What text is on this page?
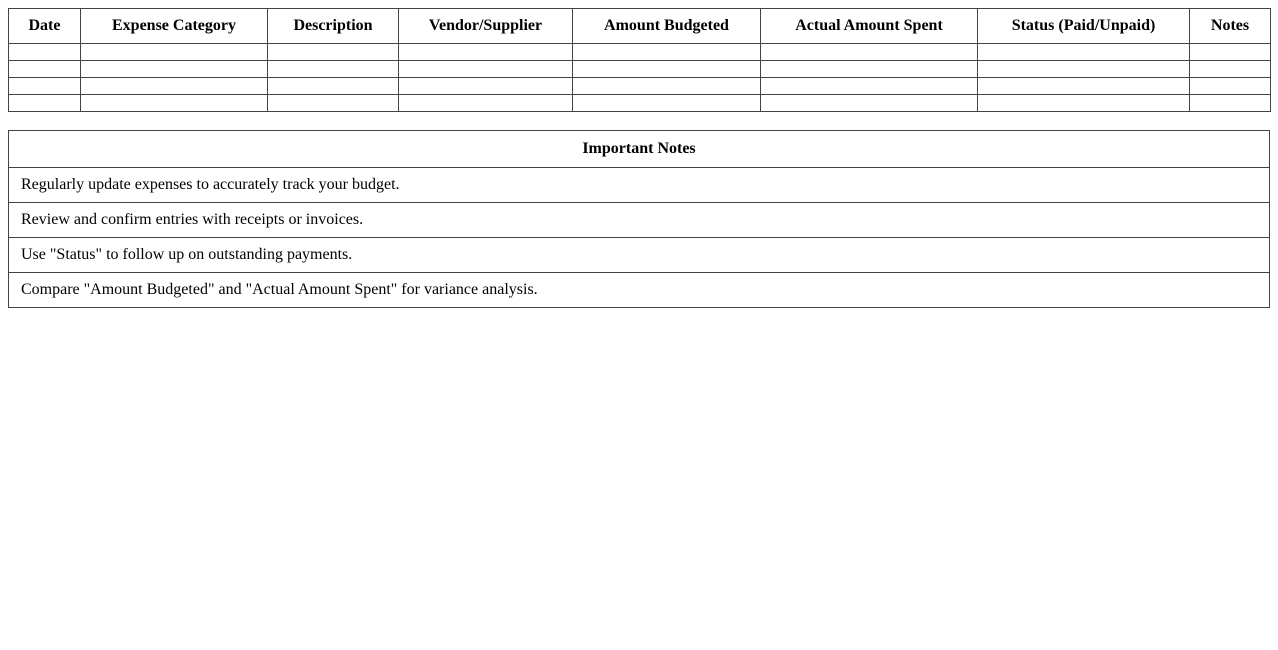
Date	Expense Category	Description	Vendor/Supplier	Amount Budgeted	Actual Amount Spent	Status (Paid/Unpaid)	Notes

Important Notes
Regularly update expenses to accurately track your budget.
Review and confirm entries with receipts or invoices.
Use "Status" to follow up on outstanding payments.
Compare "Amount Budgeted" and "Actual Amount Spent" for variance analysis.
